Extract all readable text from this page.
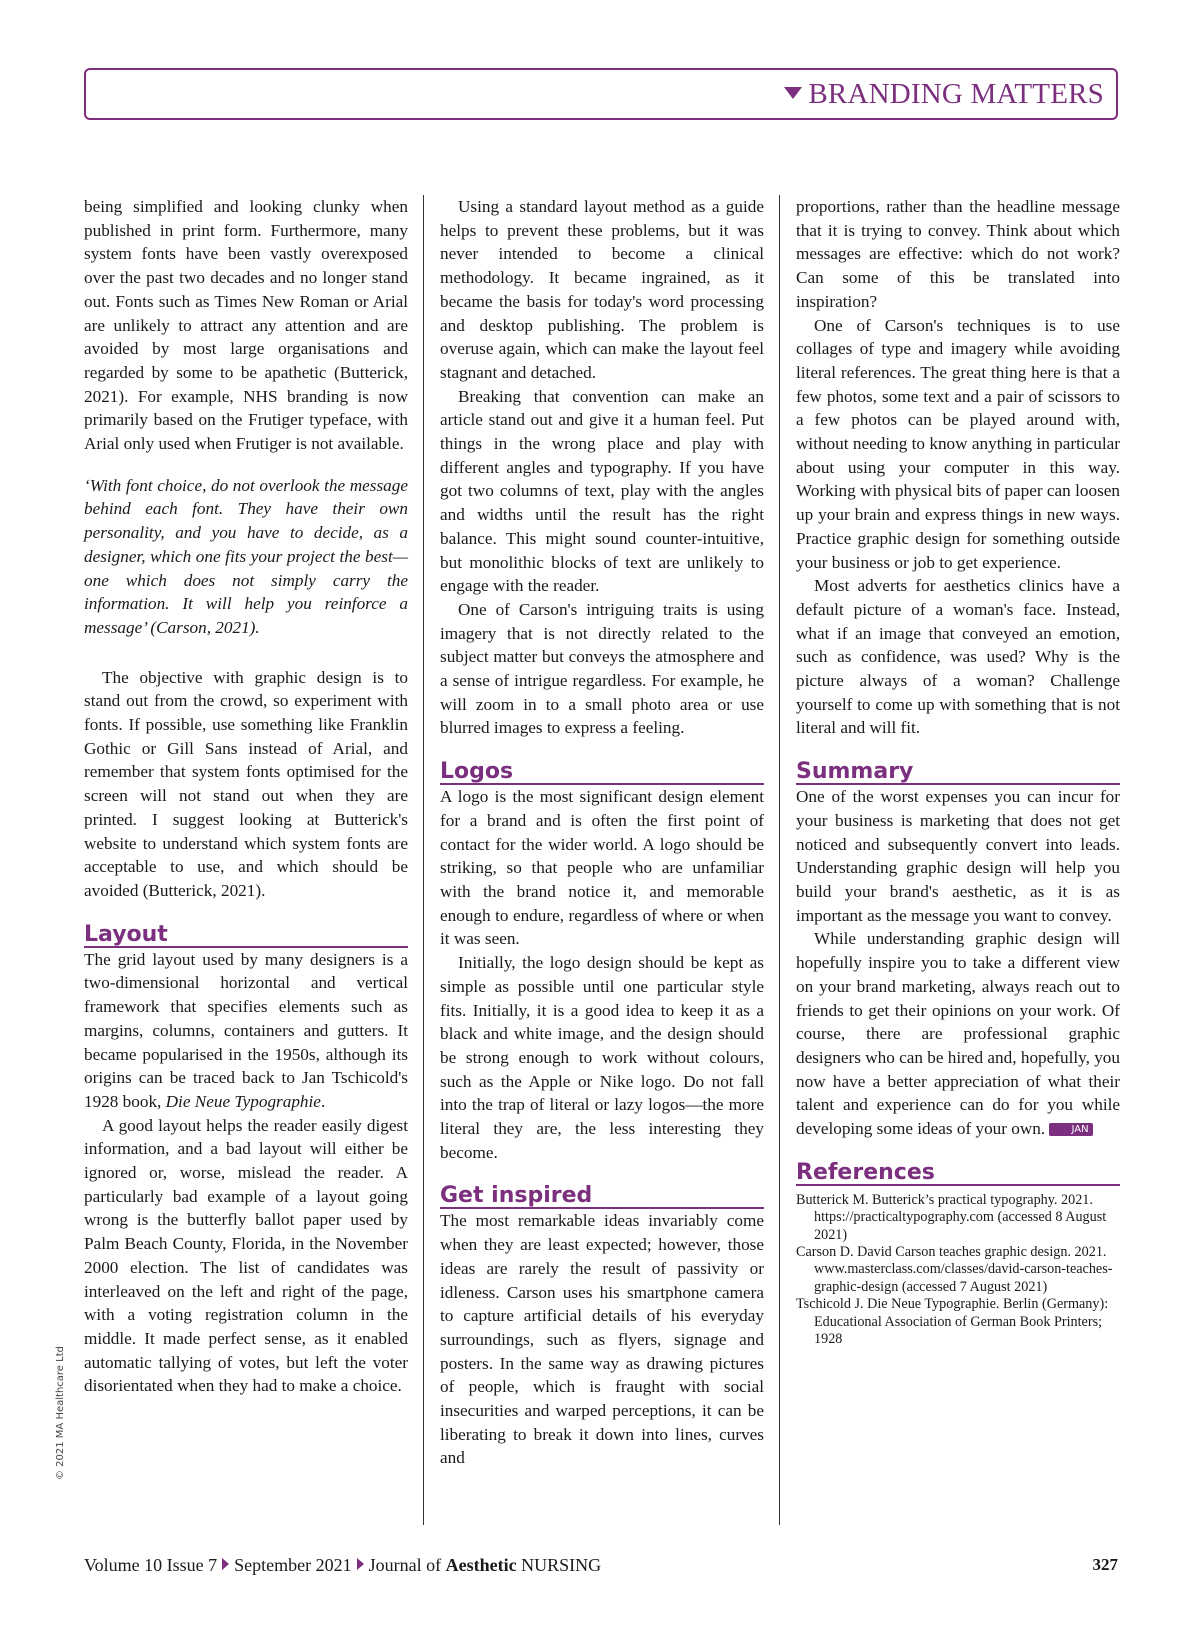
BRANDING MATTERS

being simplified and looking clunky when published in print form. Furthermore, many system fonts have been vastly overexposed over the past two decades and no longer stand out. Fonts such as Times New Roman or Arial are unlikely to attract any attention and are avoided by most large organisations and regarded by some to be apathetic (Butterick, 2021). For example, NHS branding is now primarily based on the Frutiger typeface, with Arial only used when Frutiger is not available.

‘With font choice, do not overlook the message behind each font. They have their own personality, and you have to decide, as a designer, which one fits your project the best—one which does not simply carry the information. It will help you reinforce a message’ (Carson, 2021).

The objective with graphic design is to stand out from the crowd, so experiment with fonts. If possible, use something like Franklin Gothic or Gill Sans instead of Arial, and remember that system fonts optimised for the screen will not stand out when they are printed. I suggest looking at Butterick's website to understand which system fonts are acceptable to use, and which should be avoided (Butterick, 2021).

Layout

The grid layout used by many designers is a two-dimensional horizontal and vertical framework that specifies elements such as margins, columns, containers and gutters. It became popularised in the 1950s, although its origins can be traced back to Jan Tschicold's 1928 book, Die Neue Typographie.

A good layout helps the reader easily digest information, and a bad layout will either be ignored or, worse, mislead the reader. A particularly bad example of a layout going wrong is the butterfly ballot paper used by Palm Beach County, Florida, in the November 2000 election. The list of candidates was interleaved on the left and right of the page, with a voting registration column in the middle. It made perfect sense, as it enabled automatic tallying of votes, but left the voter disorientated when they had to make a choice.

Using a standard layout method as a guide helps to prevent these problems, but it was never intended to become a clinical methodology. It became ingrained, as it became the basis for today's word processing and desktop publishing. The problem is overuse again, which can make the layout feel stagnant and detached.

Breaking that convention can make an article stand out and give it a human feel. Put things in the wrong place and play with different angles and typography. If you have got two columns of text, play with the angles and widths until the result has the right balance. This might sound counter-intuitive, but monolithic blocks of text are unlikely to engage with the reader.

One of Carson's intriguing traits is using imagery that is not directly related to the subject matter but conveys the atmosphere and a sense of intrigue regardless. For example, he will zoom in to a small photo area or use blurred images to express a feeling.

Logos

A logo is the most significant design element for a brand and is often the first point of contact for the wider world. A logo should be striking, so that people who are unfamiliar with the brand notice it, and memorable enough to endure, regardless of where or when it was seen.

Initially, the logo design should be kept as simple as possible until one particular style fits. Initially, it is a good idea to keep it as a black and white image, and the design should be strong enough to work without colours, such as the Apple or Nike logo. Do not fall into the trap of literal or lazy logos—the more literal they are, the less interesting they become.

Get inspired

The most remarkable ideas invariably come when they are least expected; however, those ideas are rarely the result of passivity or idleness. Carson uses his smartphone camera to capture artificial details of his everyday surroundings, such as flyers, signage and posters. In the same way as drawing pictures of people, which is fraught with social insecurities and warped perceptions, it can be liberating to break it down into lines, curves and

proportions, rather than the headline message that it is trying to convey. Think about which messages are effective: which do not work? Can some of this be translated into inspiration?

One of Carson's techniques is to use collages of type and imagery while avoiding literal references. The great thing here is that a few photos, some text and a pair of scissors to a few photos can be played around with, without needing to know anything in particular about using your computer in this way. Working with physical bits of paper can loosen up your brain and express things in new ways. Practice graphic design for something outside your business or job to get experience.

Most adverts for aesthetics clinics have a default picture of a woman's face. Instead, what if an image that conveyed an emotion, such as confidence, was used? Why is the picture always of a woman? Challenge yourself to come up with something that is not literal and will fit.

Summary

One of the worst expenses you can incur for your business is marketing that does not get noticed and subsequently convert into leads. Understanding graphic design will help you build your brand's aesthetic, as it is as important as the message you want to convey.

While understanding graphic design will hopefully inspire you to take a different view on your brand marketing, always reach out to friends to get their opinions on your work. Of course, there are professional graphic designers who can be hired and, hopefully, you now have a better appreciation of what their talent and experience can do for you while developing some ideas of your own.	JAN

References

Butterick M. Butterick’s practical typography. 2021. https://practicaltypography.com (accessed 8 August 2021)

Carson D. David Carson teaches graphic design. 2021. www.masterclass.com/classes/david-carson-teaches-graphic-design (accessed 7 August 2021)

Tschicold J. Die Neue Typographie. Berlin (Germany): Educational Association of German Book Printers; 1928

© 2021 MA Healthcare Ltd
Volume 10 Issue 7 September 2021 Journal of Aesthetic NURSING	327
